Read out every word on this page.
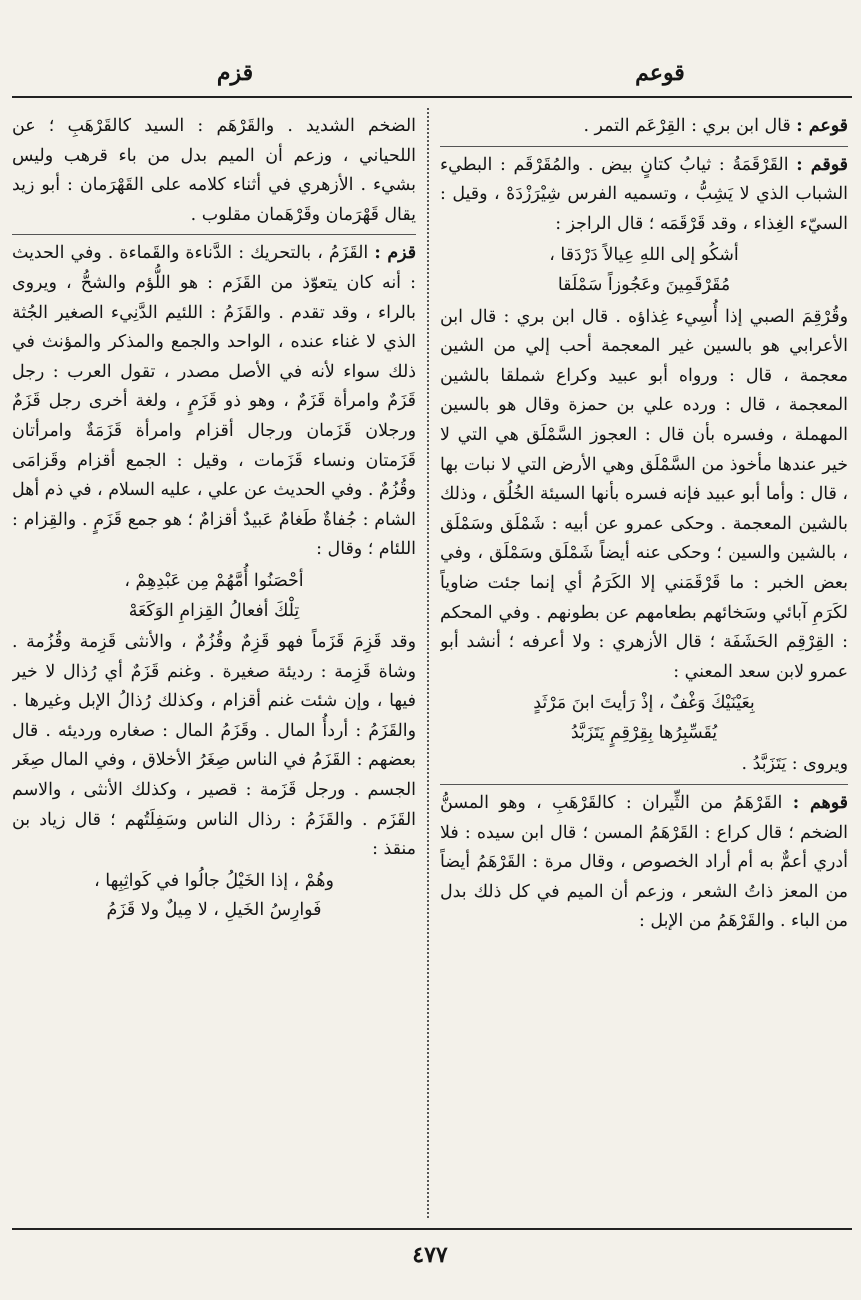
قوعم
قزم
قوعم : قال ابن بري : القِرْعَم التمر .
قوقم : القَرْقَمَةُ : ثيابُ كتانٍ بيض . والمُقَرْقَم : البطيء الشباب الذي لا يَشِبُّ ، وتسميه الفرس شِيْرَزْدَهْ ، وقيل : السيّء الغِذاء ، وقد قَرْقَمَه ؛ قال الراجز :
أشكُو إلى اللهِ عِيالاً دَرْدَقا ،
مُقَرْقَمِينَ وعَجُوزاً سَمْلَقا
وقُرْقِمَ الصبي إذا أُسِيء غِذاؤه . قال ابن بري : قال ابن الأعرابي هو بالسين غير المعجمة أحب إلي من الشين معجمة ، قال : ورواه أبو عبيد وكراع شملقا بالشين المعجمة ، قال : ورده علي بن حمزة وقال هو بالسين المهملة ، وفسره بأن قال : العجوز السَّمْلَق هي التي لا خير عندها مأخوذ من السَّمْلَق وهي الأرض التي لا نبات بها ، قال : وأما أبو عبيد فإنه فسره بأنها السيئة الخُلُق ، وذلك بالشين المعجمة . وحكى عمرو عن أبيه : شَمْلَق وسَمْلَق ، بالشين والسين ؛ وحكى عنه أيضاً شَمْلَق وسَمْلَق ، وفي بعض الخبر : ما قَرْقَمَني إلا الكَرَمُ أي إنما جئت ضاوياً لكَرَمِ آبائي وسَخائهم بطعامهم عن بطونهم . وفي المحكم : القِرْقِم الحَشَفَة ؛ قال الأزهري : ولا أعرفه ؛ أنشد أبو عمرو لابن سعد المعني :
بِعَيْنَيْكَ وَغْفٌ ، إذْ رَأيتَ ابنَ مَرْثَدٍ
يُقَسِّبِرُها بِقِرْقِمٍ يَتَزَبَّدُ
ويروى : يَتَزَبَّدُ .
قوهم : القَرْهَمُ من الثِّيران : كالقَرْهَبِ ، وهو المسنُّ الضخم ؛ قال كراع : القَرْهَمُ المسن ؛ قال ابن سيده : فلا أدري أعمٌّ به أم أراد الخصوص ، وقال مرة : القَرْهَمُ أيضاً من المعز ذاتُ الشعر ، وزعم أن الميم في كل ذلك بدل من الباء . والقَرْهَمُ من الإبل :
الضخم الشديد . والقَرْهَم : السيد كالقَرْهَبِ ؛ عن اللحياني ، وزعم أن الميم بدل من باء قرهب وليس بشيء . الأزهري في أثناء كلامه على القَهْرَمان : أبو زيد يقال قَهْرَمان وقَرْهَمان مقلوب .
قزم : القَزَمُ ، بالتحريك : الدَّناءة والقَماءة . وفي الحديث : أنه كان يتعوّذ من القَزَم : هو اللُّؤم والشحُّ ، ويروى بالراء ، وقد تقدم . والقَزَمُ : اللئيم الدَّنِيء الصغير الجُثة الذي لا غناء عنده ، الواحد والجمع والمذكر والمؤنث في ذلك سواء لأنه في الأصل مصدر ، تقول العرب : رجل قَزَمٌ وامرأة قَزَمٌ ، وهو ذو قَزَمٍ ، ولغة أخرى رجل قَزَمٌ ورجلان قَزَمان ورجال أقزام وامرأة قَزَمَةٌ وامرأتان قَزَمتان ونساء قَزَمات ، وقيل : الجمع أقزام وقَزامَى وقُزُمٌ . وفي الحديث عن علي ، عليه السلام ، في ذم أهل الشام : جُفاةٌ طَغامٌ عَبيدٌ أقزامٌ ؛ هو جمع قَزَمٍ . والقِزام : اللئام ؛ وقال :
أحْصَنُوا أُمَّهُمْ مِن عَبْدِهِمْ ،
تِلْكَ أفعالُ القِزامِ الوَكَعَهْ
وقد قَزِمَ قَزَماً فهو قَزِمٌ وقُزُمٌ ، والأنثى قَزِمة وقُزُمة . وشاة قَزِمة : رديئة صغيرة . وغنم قَزَمٌ أي رُذال لا خير فيها ، وإن شئت غنم أقزام ، وكذلك رُذالُ الإبل وغيرها . والقَزَمُ : أردأُ المال . وقَزَمُ المال : صغاره ورديئه . قال بعضهم : القَزَمُ في الناس صِغَرُ الأخلاق ، وفي المال صِغَر الجسم . ورجل قَزَمة : قصير ، وكذلك الأنثى ، والاسم القَزَم . والقَزَمُ : رذال الناس وسَفِلَتُهم ؛ قال زياد بن منقذ :
وهُمْ ، إذا الخَيْلُ جالُوا في كَواثِبِها ،
فَوارِسُ الخَيلِ ، لا مِيلٌ ولا قَزَمُ
٤٧٧
